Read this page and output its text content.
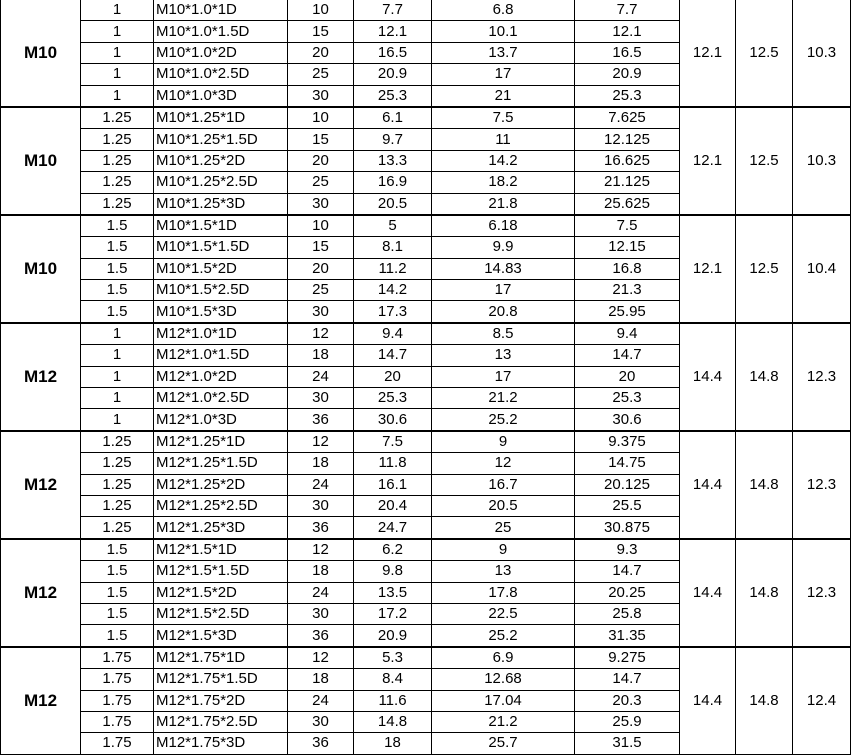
M10	1	M10*1.0*1D	10	7.7	6.8	7.7	12.1	12.5	10.3
	1	M10*1.0*1.5D	15	12.1	10.1	12.1			
	1	M10*1.0*2D	20	16.5	13.7	16.5			
	1	M10*1.0*2.5D	25	20.9	17	20.9			
	1	M10*1.0*3D	30	25.3	21	25.3			
M10	1.25	M10*1.25*1D	10	6.1	7.5	7.625	12.1	12.5	10.3
	1.25	M10*1.25*1.5D	15	9.7	11	12.125			
	1.25	M10*1.25*2D	20	13.3	14.2	16.625			
	1.25	M10*1.25*2.5D	25	16.9	18.2	21.125			
	1.25	M10*1.25*3D	30	20.5	21.8	25.625			
M10	1.5	M10*1.5*1D	10	5	6.18	7.5	12.1	12.5	10.4
	1.5	M10*1.5*1.5D	15	8.1	9.9	12.15			
	1.5	M10*1.5*2D	20	11.2	14.83	16.8			
	1.5	M10*1.5*2.5D	25	14.2	17	21.3			
	1.5	M10*1.5*3D	30	17.3	20.8	25.95			
M12	1	M12*1.0*1D	12	9.4	8.5	9.4	14.4	14.8	12.3
	1	M12*1.0*1.5D	18	14.7	13	14.7			
	1	M12*1.0*2D	24	20	17	20			
	1	M12*1.0*2.5D	30	25.3	21.2	25.3			
	1	M12*1.0*3D	36	30.6	25.2	30.6			
M12	1.25	M12*1.25*1D	12	7.5	9	9.375	14.4	14.8	12.3
	1.25	M12*1.25*1.5D	18	11.8	12	14.75			
	1.25	M12*1.25*2D	24	16.1	16.7	20.125			
	1.25	M12*1.25*2.5D	30	20.4	20.5	25.5			
	1.25	M12*1.25*3D	36	24.7	25	30.875			
M12	1.5	M12*1.5*1D	12	6.2	9	9.3	14.4	14.8	12.3
	1.5	M12*1.5*1.5D	18	9.8	13	14.7			
	1.5	M12*1.5*2D	24	13.5	17.8	20.25			
	1.5	M12*1.5*2.5D	30	17.2	22.5	25.8			
	1.5	M12*1.5*3D	36	20.9	25.2	31.35			
M12	1.75	M12*1.75*1D	12	5.3	6.9	9.275	14.4	14.8	12.4
	1.75	M12*1.75*1.5D	18	8.4	12.68	14.7			
	1.75	M12*1.75*2D	24	11.6	17.04	20.3			
	1.75	M12*1.75*2.5D	30	14.8	21.2	25.9			
	1.75	M12*1.75*3D	36	18	25.7	31.5			
